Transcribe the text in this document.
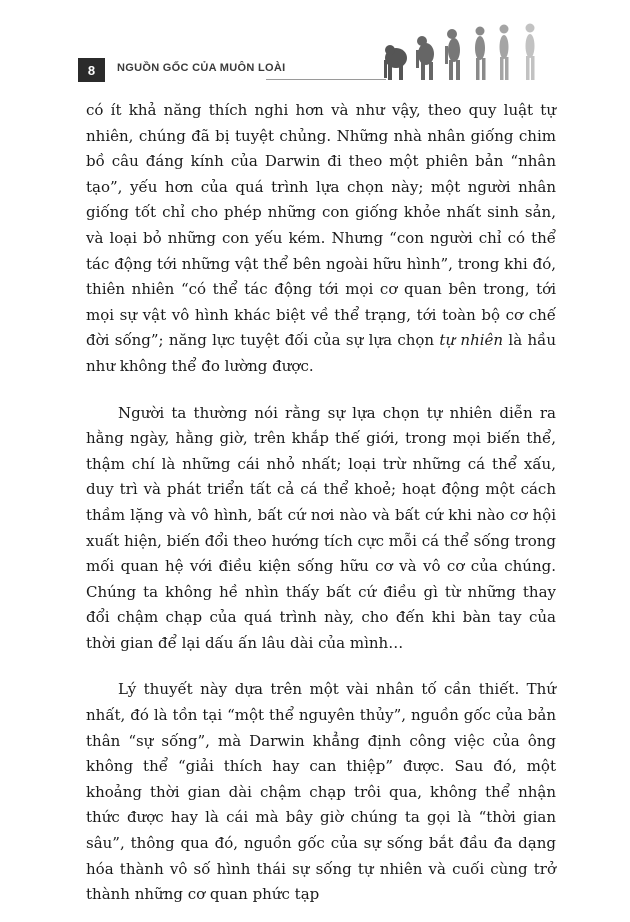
8	NGUỒN GỐC CỦA MUÔN LOÀI

có ít khả năng thích nghi hơn và như vậy, theo quy luật tự nhiên, chúng đã bị tuyệt chủng. Những nhà nhân giống chim bồ câu đáng kính của Darwin đi theo một phiên bản “nhân tạo”, yếu hơn của quá trình lựa chọn này; một người nhân giống tốt chỉ cho phép những con giống khỏe nhất sinh sản, và loại bỏ những con yếu kém. Nhưng “con người chỉ có thể tác động tới những vật thể bên ngoài hữu hình”, trong khi đó, thiên nhiên “có thể tác động tới mọi cơ quan bên trong, tới mọi sự vật vô hình khác biệt về thể trạng, tới toàn bộ cơ chế đời sống”; năng lực tuyệt đối của sự lựa chọn tự nhiên là hầu như không thể đo lường được.

Người ta thường nói rằng sự lựa chọn tự nhiên diễn ra hằng ngày, hằng giờ, trên khắp thế giới, trong mọi biến thể, thậm chí là những cái nhỏ nhất; loại trừ những cá thể xấu, duy trì và phát triển tất cả cá thể khoẻ; hoạt động một cách thầm lặng và vô hình, bất cứ nơi nào và bất cứ khi nào cơ hội xuất hiện, biến đổi theo hướng tích cực mỗi cá thể sống trong mối quan hệ với điều kiện sống hữu cơ và vô cơ của chúng. Chúng ta không hề nhìn thấy bất cứ điều gì từ những thay đổi chậm chạp của quá trình này, cho đến khi bàn tay của thời gian để lại dấu ấn lâu dài của mình…

Lý thuyết này dựa trên một vài nhân tố cần thiết. Thứ nhất, đó là tồn tại “một thể nguyên thủy”, nguồn gốc của bản thân “sự sống”, mà Darwin khẳng định công việc của ông không thể “giải thích hay can thiệp” được. Sau đó, một khoảng thời gian dài chậm chạp trôi qua, không thể nhận thức được hay là cái mà bây giờ chúng ta gọi là “thời gian sâu”, thông qua đó, nguồn gốc của sự sống bắt đầu đa dạng hóa thành vô số hình thái sự sống tự nhiên và cuối cùng trở thành những cơ quan phức tạp
